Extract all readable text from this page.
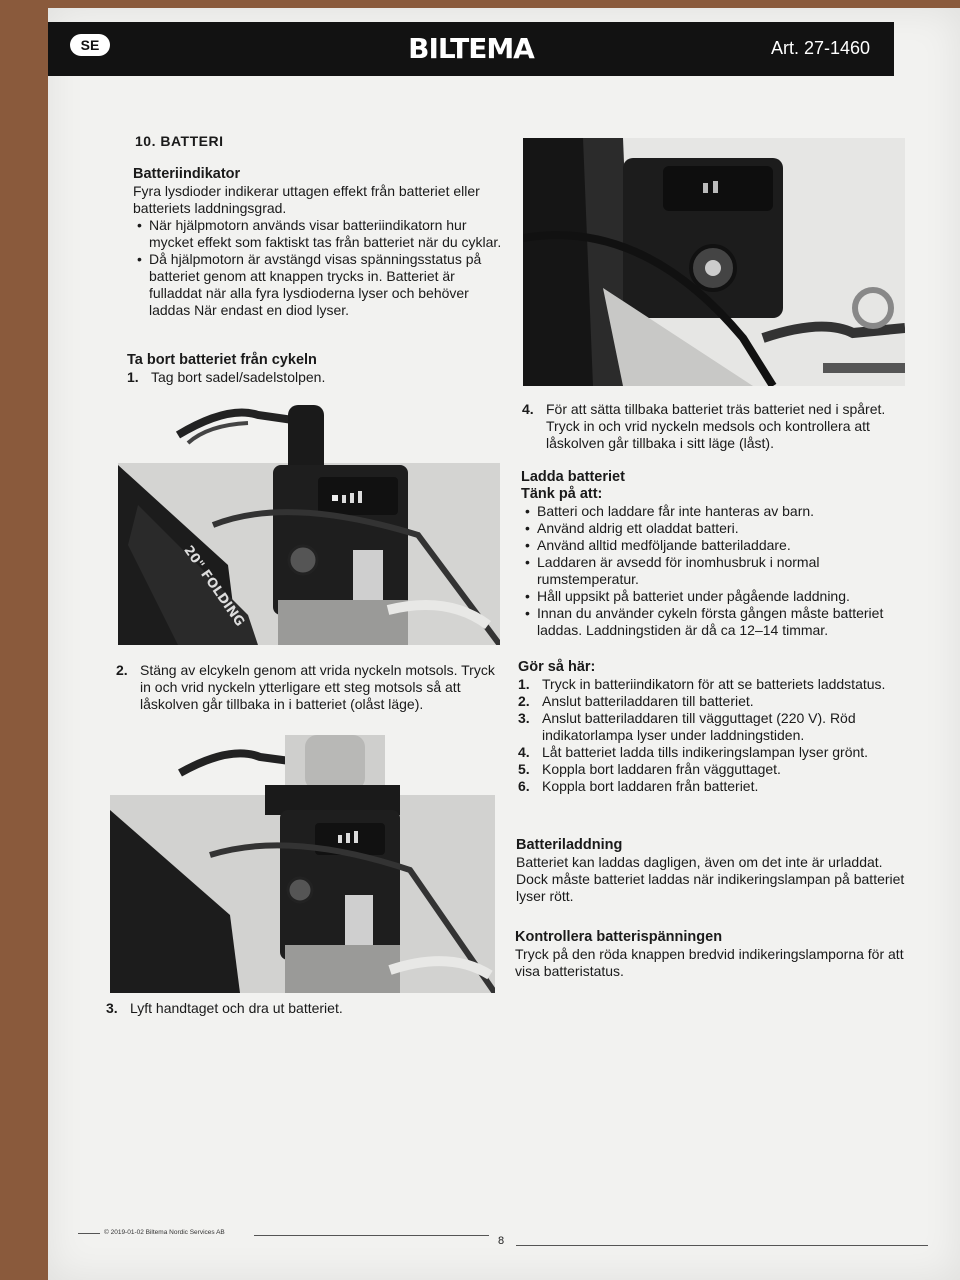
SE	BILTEMA	Art. 27-1460
10. BATTERI
Batteriindikator

Fyra lysdioder indikerar uttagen effekt från batteriet eller batteriets laddningsgrad.

• När hjälpmotorn används visar batteriindikatorn hur mycket effekt som faktiskt tas från batteriet när du cyklar.
• Då hjälpmotorn är avstängd visas spänningsstatus på batteriet genom att knappen trycks in. Batteriet är fulladdat när alla fyra lysdioderna lyser och behöver laddas När endast en diod lyser.
Ta bort batteriet från cykeln
1. Tag bort sadel/sadelstolpen.
20" FOLDING
2. Stäng av elcykeln genom att vrida nyckeln motsols. Tryck in och vrid nyckeln ytterligare ett steg motsols så att låskolven går tillbaka in i batteriet (olåst läge).
3. Lyft handtaget och dra ut batteriet.
4. För att sätta tillbaka batteriet träs batteriet ned i spåret. Tryck in och vrid nyckeln medsols och kontrollera att låskolven går tillbaka i sitt läge (låst).
Ladda batteriet
Tänk på att:
• Batteri och laddare får inte hanteras av barn.
• Använd aldrig ett oladdat batteri.
• Använd alltid medföljande batteriladdare.
• Laddaren är avsedd för inomhusbruk i normal rumstemperatur.
• Håll uppsikt på batteriet under pågående laddning.
• Innan du använder cykeln första gången måste batteriet laddas. Laddningstiden är då ca 12–14 timmar.
Gör så här:
1. Tryck in batteriindikatorn för att se batteriets laddstatus.
2. Anslut batteriladdaren till batteriet.
3. Anslut batteriladdaren till vägguttaget (220 V). Röd indikatorlampa lyser under laddningstiden.
4. Låt batteriet ladda tills indikeringslampan lyser grönt.
5. Koppla bort laddaren från vägguttaget.
6. Koppla bort laddaren från batteriet.
Batteriladdning

Batteriet kan laddas dagligen, även om det inte är urladdat. Dock måste batteriet laddas när indikeringslampan på batteriet lyser rött.

Kontrollera batterispänningen

Tryck på den röda knappen bredvid indikeringslamporna för att visa batteristatus.

© 2019-01-02 Biltema Nordic Services AB
8
